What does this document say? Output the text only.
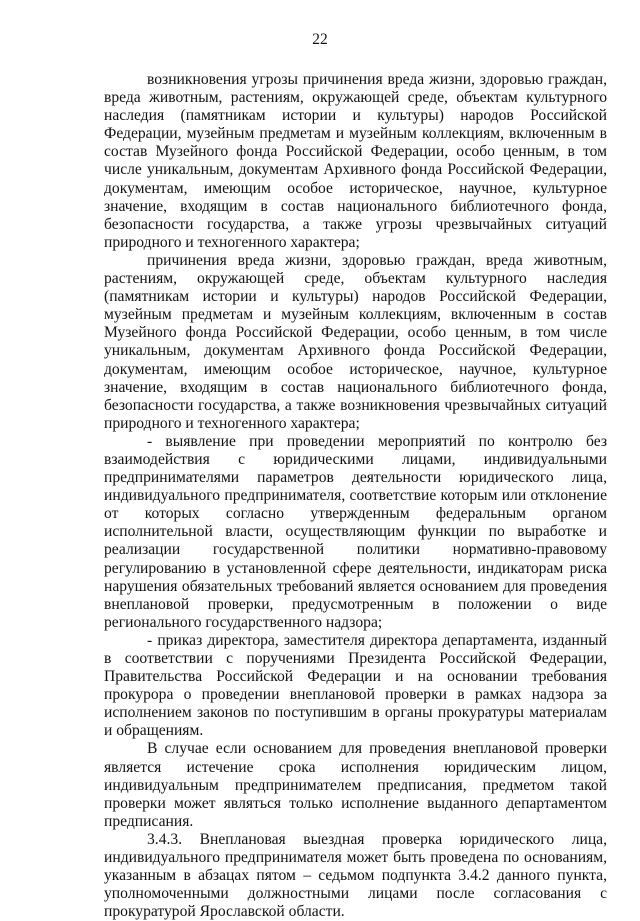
22

возникновения угрозы причинения вреда жизни, здоровью граждан, вреда животным, растениям, окружающей среде, объектам культурного наследия (памятникам истории и культуры) народов Российской Федерации, музейным предметам и музейным коллекциям, включенным в состав Музейного фонда Российской Федерации, особо ценным, в том числе уникальным, документам Архивного фонда Российской Федерации, документам, имеющим особое историческое, научное, культурное значение, входящим в состав национального библиотечного фонда, безопасности государства, а также угрозы чрезвычайных ситуаций природного и техногенного характера;

причинения вреда жизни, здоровью граждан, вреда животным, растениям, окружающей среде, объектам культурного наследия (памятникам истории и культуры) народов Российской Федерации, музейным предметам и музейным коллекциям, включенным в состав Музейного фонда Российской Федерации, особо ценным, в том числе уникальным, документам Архивного фонда Российской Федерации, документам, имеющим особое историческое, научное, культурное значение, входящим в состав национального библиотечного фонда, безопасности государства, а также возникновения чрезвычайных ситуаций природного и техногенного характера;

- выявление при проведении мероприятий по контролю без взаимодействия с юридическими лицами, индивидуальными предпринимателями параметров деятельности юридического лица, индивидуального предпринимателя, соответствие которым или отклонение от которых согласно утвержденным федеральным органом исполнительной власти, осуществляющим функции по выработке и реализации государственной политики нормативно-правовому регулированию в установленной сфере деятельности, индикаторам риска нарушения обязательных требований является основанием для проведения внеплановой проверки, предусмотренным в положении о виде регионального государственного надзора;

- приказ директора, заместителя директора департамента, изданный в соответствии с поручениями Президента Российской Федерации, Правительства Российской Федерации и на основании требования прокурора о проведении внеплановой проверки в рамках надзора за исполнением законов по поступившим в органы прокуратуры материалам и обращениям.

В случае если основанием для проведения внеплановой проверки является истечение срока исполнения юридическим лицом, индивидуальным предпринимателем предписания, предметом такой проверки может являться только исполнение выданного департаментом предписания.

3.4.3. Внеплановая выездная проверка юридического лица, индивидуального предпринимателя может быть проведена по основаниям, указанным в абзацах пятом – седьмом подпункта 3.4.2 данного пункта, уполномоченными должностными лицами после согласования с прокуратурой Ярославской области.
